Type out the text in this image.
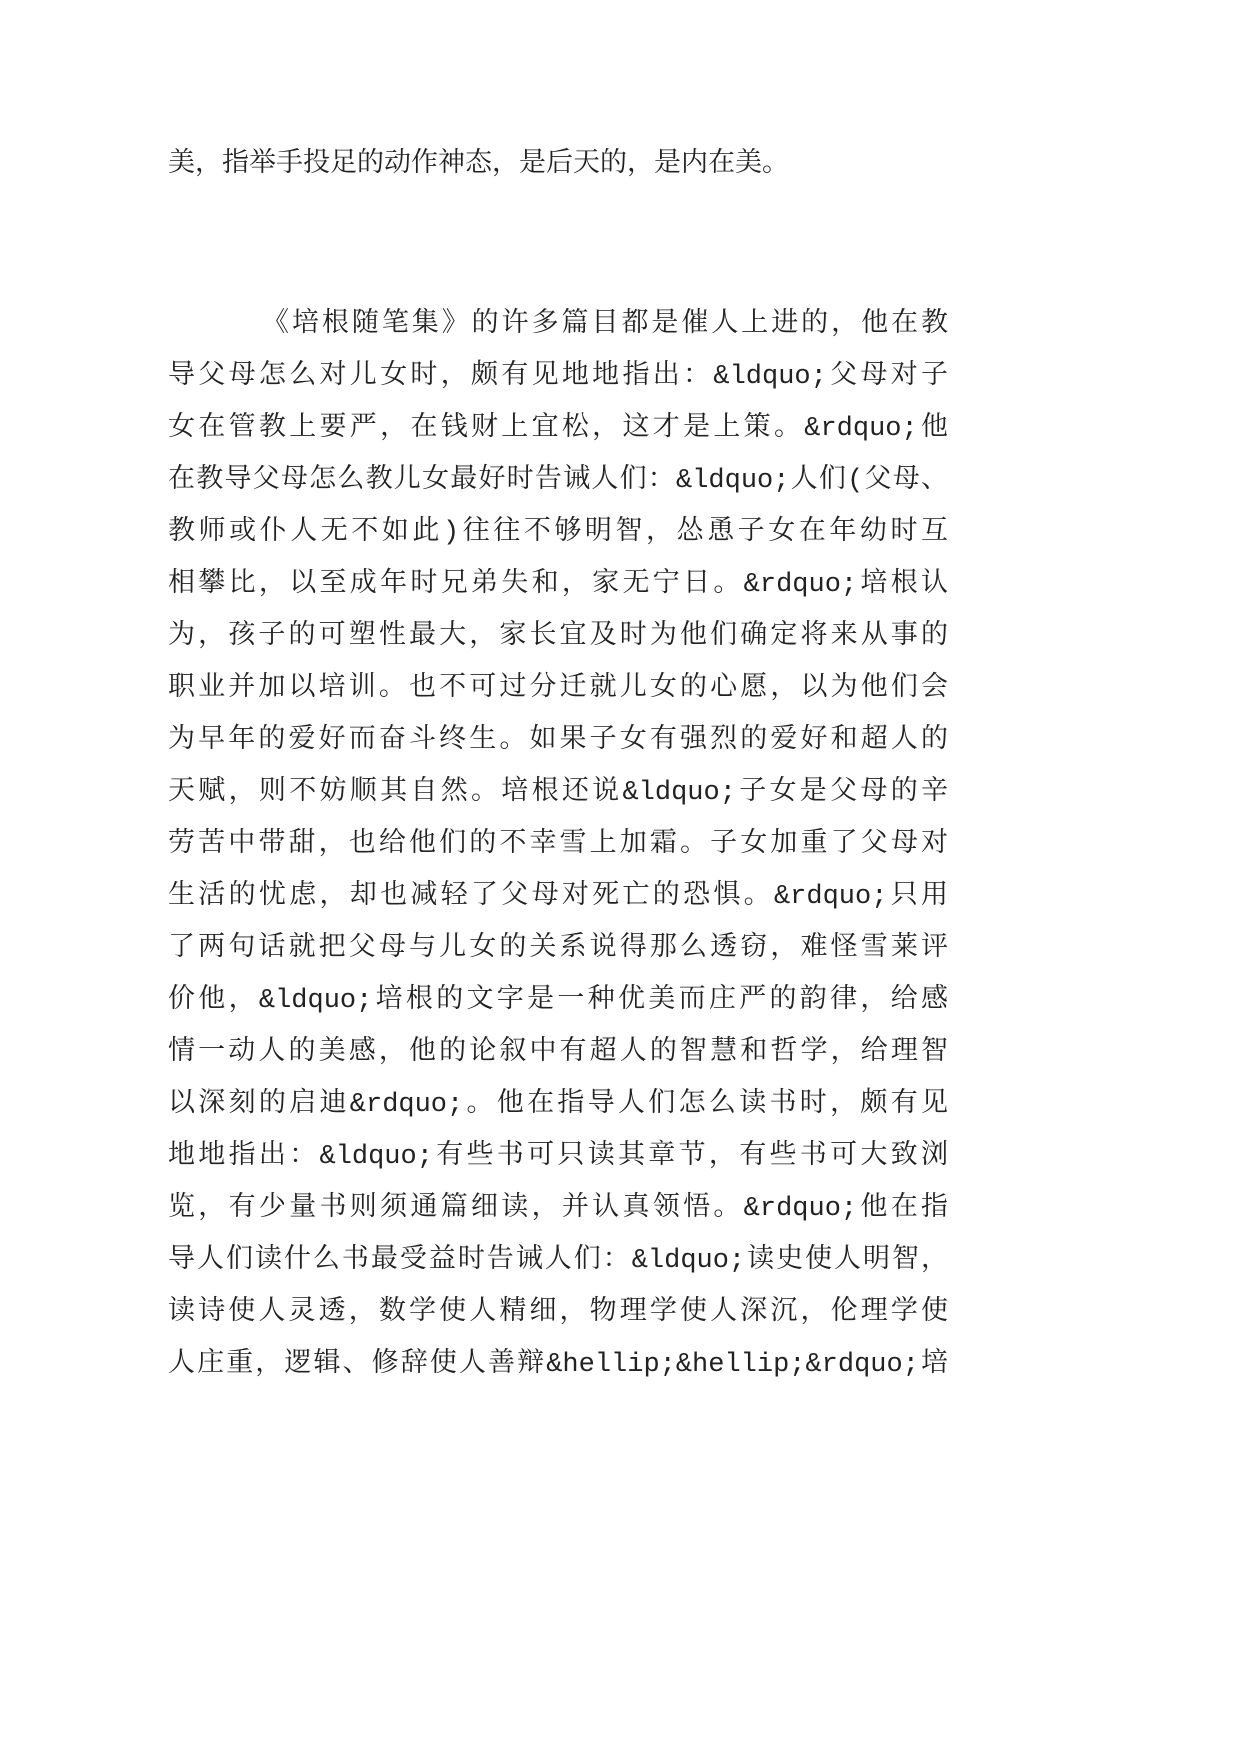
美，指举手投足的动作神态，是后天的，是内在美。
《培根随笔集》的许多篇目都是催人上进的，他在教
导父母怎么对儿女时，颇有见地地指出：&ldquo;父母对子
女在管教上要严，在钱财上宜松，这才是上策。&rdquo;他
在教导父母怎么教儿女最好时告诫人们：&ldquo;人们(父母、
教师或仆人无不如此)往往不够明智，怂恿子女在年幼时互
相攀比，以至成年时兄弟失和，家无宁日。&rdquo;培根认
为，孩子的可塑性最大，家长宜及时为他们确定将来从事的
职业并加以培训。也不可过分迁就儿女的心愿，以为他们会
为早年的爱好而奋斗终生。如果子女有强烈的爱好和超人的
天赋，则不妨顺其自然。培根还说&ldquo;子女是父母的辛
劳苦中带甜，也给他们的不幸雪上加霜。子女加重了父母对
生活的忧虑，却也减轻了父母对死亡的恐惧。&rdquo;只用
了两句话就把父母与儿女的关系说得那么透窃，难怪雪莱评
价他，&ldquo;培根的文字是一种优美而庄严的韵律，给感
情一动人的美感，他的论叙中有超人的智慧和哲学，给理智
以深刻的启迪&rdquo;。他在指导人们怎么读书时，颇有见
地地指出：&ldquo;有些书可只读其章节，有些书可大致浏
览，有少量书则须通篇细读，并认真领悟。&rdquo;他在指
导人们读什么书最受益时告诫人们：&ldquo;读史使人明智，
读诗使人灵透，数学使人精细，物理学使人深沉，伦理学使
人庄重，逻辑、修辞使人善辩&hellip;&hellip;&rdquo;培
